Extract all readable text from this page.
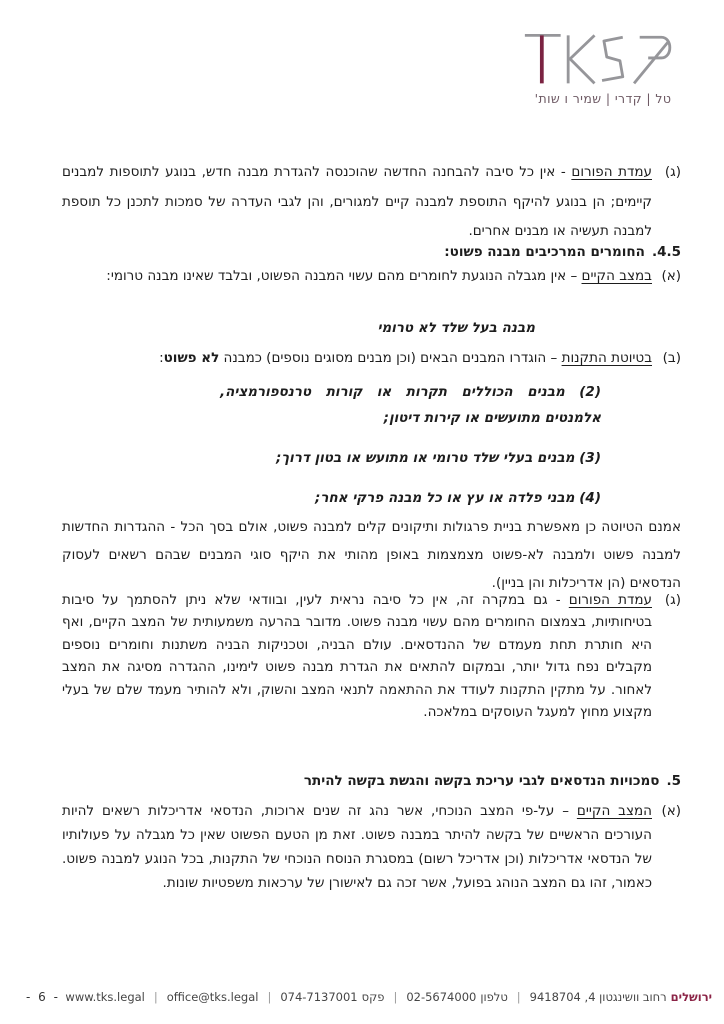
טל | קדרי | שמיר ו שות'
(ג)
עמדת הפורום - אין כל סיבה להבחנה החדשה שהוכנסה להגדרת מבנה חדש, בנוגע לתוספות למבנים קיימים; הן בנוגע להיקף התוספת למבנה קיים למגורים, והן לגבי העדרה של סמכות לתכנן כל תוספת למבנה תעשיה או מבנים אחרים.
4.5.
החומרים המרכיבים מבנה פשוט:
(א)
במצב הקיים – אין מגבלה הנוגעת לחומרים מהם עשוי המבנה הפשוט, ובלבד שאינו מבנה טרומי:
מבנה בעל שלד לא טרומי
(ב)
בטיוטת התקנות – הוגדרו המבנים הבאים (וכן מבנים מסוגים נוספים) כמבנה לא פשוט:
(2) מבנים הכוללים תקרות או קורות טרנספורמציה, אלמנטים מתועשים או קירות דיטון;
(3) מבנים בעלי שלד טרומי או מתועש או בטון דרוך;
(4) מבני פלדה או עץ או כל מבנה פרקי אחר;
אמנם הטיוטה כן מאפשרת בניית פרגולות ותיקונים קלים למבנה פשוט, אולם בסך הכל - ההגדרות החדשות למבנה פשוט ולמבנה לא-פשוט מצמצמות באופן מהותי את היקף סוגי המבנים שבהם רשאים לעסוק הנדסאים (הן אדריכלות והן בניין).
(ג)
עמדת הפורום - גם במקרה זה, אין כל סיבה נראית לעין, ובוודאי שלא ניתן להסתמך על סיבות בטיחותיות, בצמצום החומרים מהם עשוי מבנה פשוט. מדובר בהרעה משמעותית של המצב הקיים, ואף היא חותרת תחת מעמדם של ההנדסאים. עולם הבניה, וטכניקות הבניה משתנות וחומרים נוספים מקבלים נפח גדול יותר, ובמקום להתאים את הגדרת מבנה פשוט לימינו, ההגדרה מסיגה את המצב לאחור. על מתקין התקנות לעודד את ההתאמה לתנאי המצב והשוק, ולא להותיר מעמד שלם של בעלי מקצוע מחוץ למעגל העוסקים במלאכה.
5.
סמכויות הנדסאים לגבי עריכת בקשה והגשת בקשה להיתר
(א)
המצב הקיים – על-פי המצב הנוכחי, אשר נהג זה שנים ארוכות, הנדסאי אדריכלות רשאים להיות העורכים הראשיים של בקשה להיתר במבנה פשוט. זאת מן הטעם הפשוט שאין כל מגבלה על פעולותיו של הנדסאי אדריכלות (וכן אדריכל רשום) במסגרת הנוסח הנוכחי של התקנות, בכל הנוגע למבנה פשוט. כאמור, זהו גם המצב הנוהג בפועל, אשר זכה גם לאישורן של ערכאות משפטיות שונות.
ירושלים
רחוב וושינגטון 4, 9418704
|
טלפון
02-5674000
|
פקס
074-7137001
|
office@tks.legal
|
www.tks.legal
- 6 -
